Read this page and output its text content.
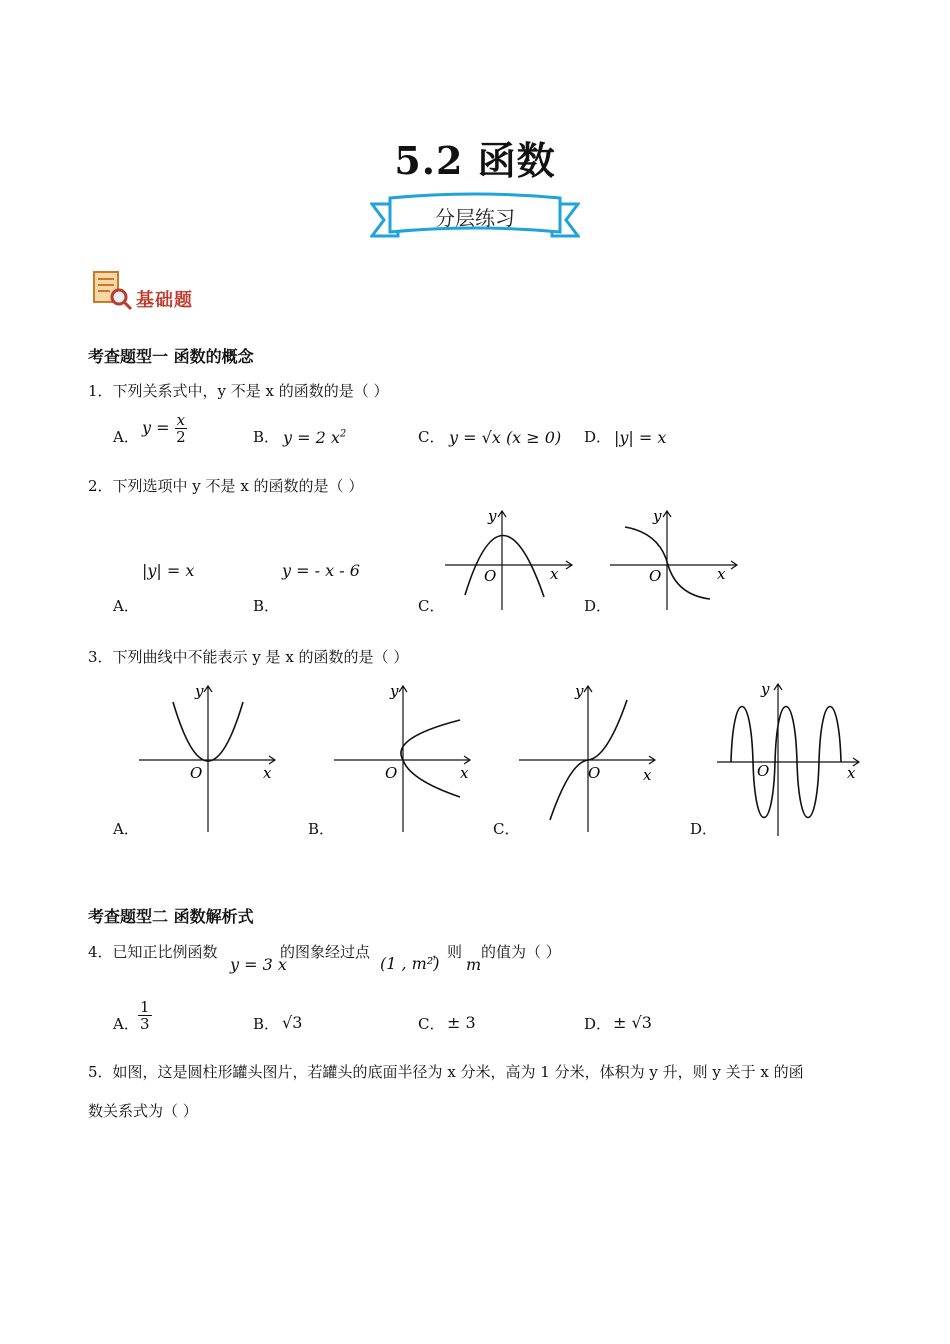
5.2 函数
分层练习
基础题
考查题型一 函数的概念
1．下列关系式中，y 不是 x 的函数的是（ ）
A． $y = \frac{x}{2}$	B． y = 2 $x^2$	C． y = √x (x ≥ 0) D． |y| = x
2．下列选项中 y 不是 x 的函数的是（ ）
|y| = x	y = - x - 6
A．	B．	C．	D．
x
y
O	x
y
O
3．下列曲线中不能表示 y 是 x 的函数的是（ ）
x
y
O
A．
x
y
O
B．
x
y
O
C．
x
y
O
D．
考查题型二 函数解析式
4．已知正比例函数
y = 3 x
的图象经过点
(1 , m²)
，则
m
的值为（ ）
A． $\frac{1}{3}$	B． √3	C． ± 3	D． ± √3
5．如图，这是圆柱形罐头图片，若罐头的底面半径为 x 分米，高为 1 分米，体积为 y 升，则 y 关于 x 的函
数关系式为（ ）
